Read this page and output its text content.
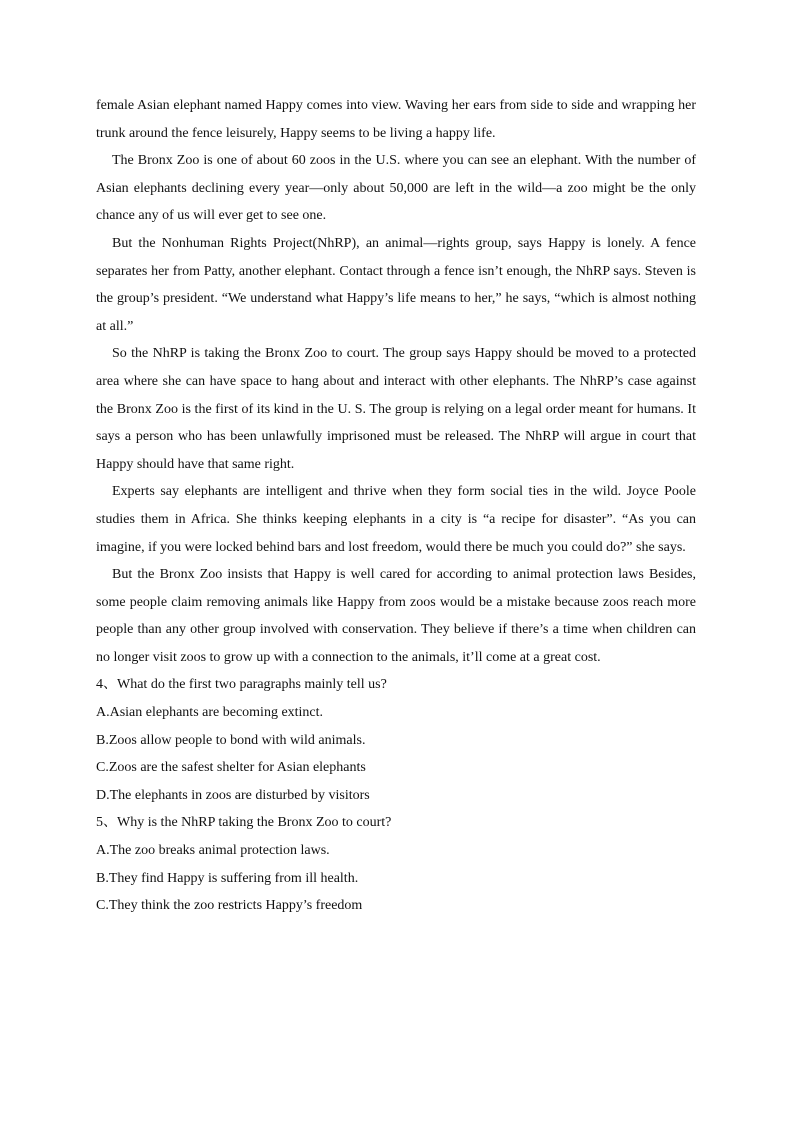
female Asian elephant named Happy comes into view. Waving her ears from side to side and wrapping her trunk around the fence leisurely, Happy seems to be living a happy life.

The Bronx Zoo is one of about 60 zoos in the U.S. where you can see an elephant. With the number of Asian elephants declining every year—only about 50,000 are left in the wild—a zoo might be the only chance any of us will ever get to see one.

But the Nonhuman Rights Project(NhRP), an animal—rights group, says Happy is lonely. A fence separates her from Patty, another elephant. Contact through a fence isn’t enough, the NhRP says. Steven is the group’s president. “We understand what Happy’s life means to her,” he says, “which is almost nothing at all.”

So the NhRP is taking the Bronx Zoo to court. The group says Happy should be moved to a protected area where she can have space to hang about and interact with other elephants. The NhRP’s case against the Bronx Zoo is the first of its kind in the U. S. The group is relying on a legal order meant for humans. It says a person who has been unlawfully imprisoned must be released. The NhRP will argue in court that Happy should have that same right.

Experts say elephants are intelligent and thrive when they form social ties in the wild. Joyce Poole studies them in Africa. She thinks keeping elephants in a city is “a recipe for disaster”. “As you can imagine, if you were locked behind bars and lost freedom, would there be much you could do?” she says.

But the Bronx Zoo insists that Happy is well cared for according to animal protection laws Besides, some people claim removing animals like Happy from zoos would be a mistake because zoos reach more people than any other group involved with conservation. They believe if there’s a time when children can no longer visit zoos to grow up with a connection to the animals, it’ll come at a great cost.

4、What do the first two paragraphs mainly tell us?

A.Asian elephants are becoming extinct.

B.Zoos allow people to bond with wild animals.

C.Zoos are the safest shelter for Asian elephants

D.The elephants in zoos are disturbed by visitors

5、Why is the NhRP taking the Bronx Zoo to court?

A.The zoo breaks animal protection laws.

B.They find Happy is suffering from ill health.

C.They think the zoo restricts Happy’s freedom
